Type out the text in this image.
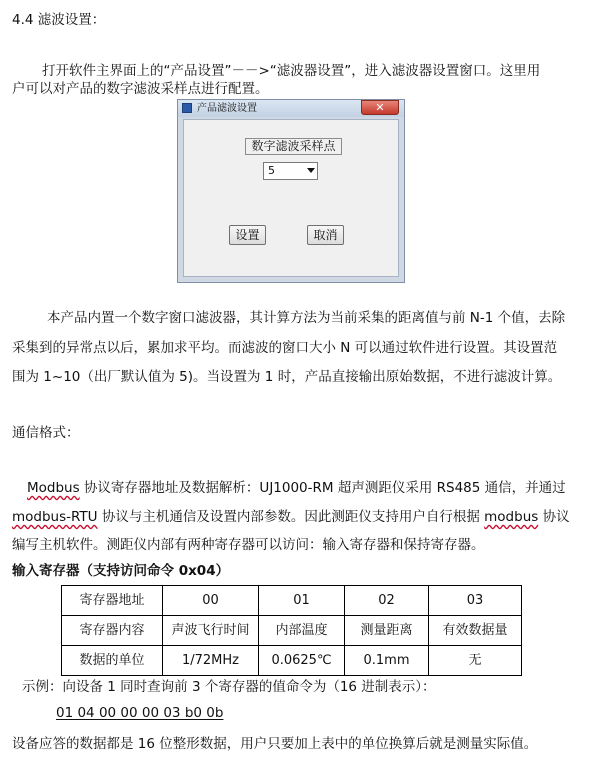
4.4 滤波设置：
打开软件主界面上的“产品设置”－－>“滤波器设置”，进入滤波器设置窗口。这里用
户可以对产品的数字滤波采样点进行配置。
产品滤波设置	✕
数字滤波采样点
5
设置	取消
本产品内置一个数字窗口滤波器，其计算方法为当前采集的距离值与前 N-1 个值，去除
采集到的异常点以后，累加求平均。而滤波的窗口大小 N 可以通过软件进行设置。其设置范
围为 1~10（出厂默认值为 5)。当设置为 1 时，产品直接输出原始数据，不进行滤波计算。
通信格式：
Modbus 协议寄存器地址及数据解析：UJ1000-RM 超声测距仪采用 RS485 通信，并通过
modbus-RTU 协议与主机通信及设置内部参数。因此测距仪支持用户自行根据 modbus 协议
编写主机软件。测距仪内部有两种寄存器可以访问：输入寄存器和保持寄存器。
输入寄存器（支持访问命令 0x04）
寄存器地址	00	01	02	03
寄存器内容	声波飞行时间	内部温度	测量距离	有效数据量
数据的单位	1/72MHz	0.0625℃	0.1mm	无
示例：向设备 1 同时查询前 3 个寄存器的值命令为（16 进制表示）：
01 04 00 00 00 03 b0 0b
设备应答的数据都是 16 位整形数据，用户只要加上表中的单位换算后就是测量实际值。
